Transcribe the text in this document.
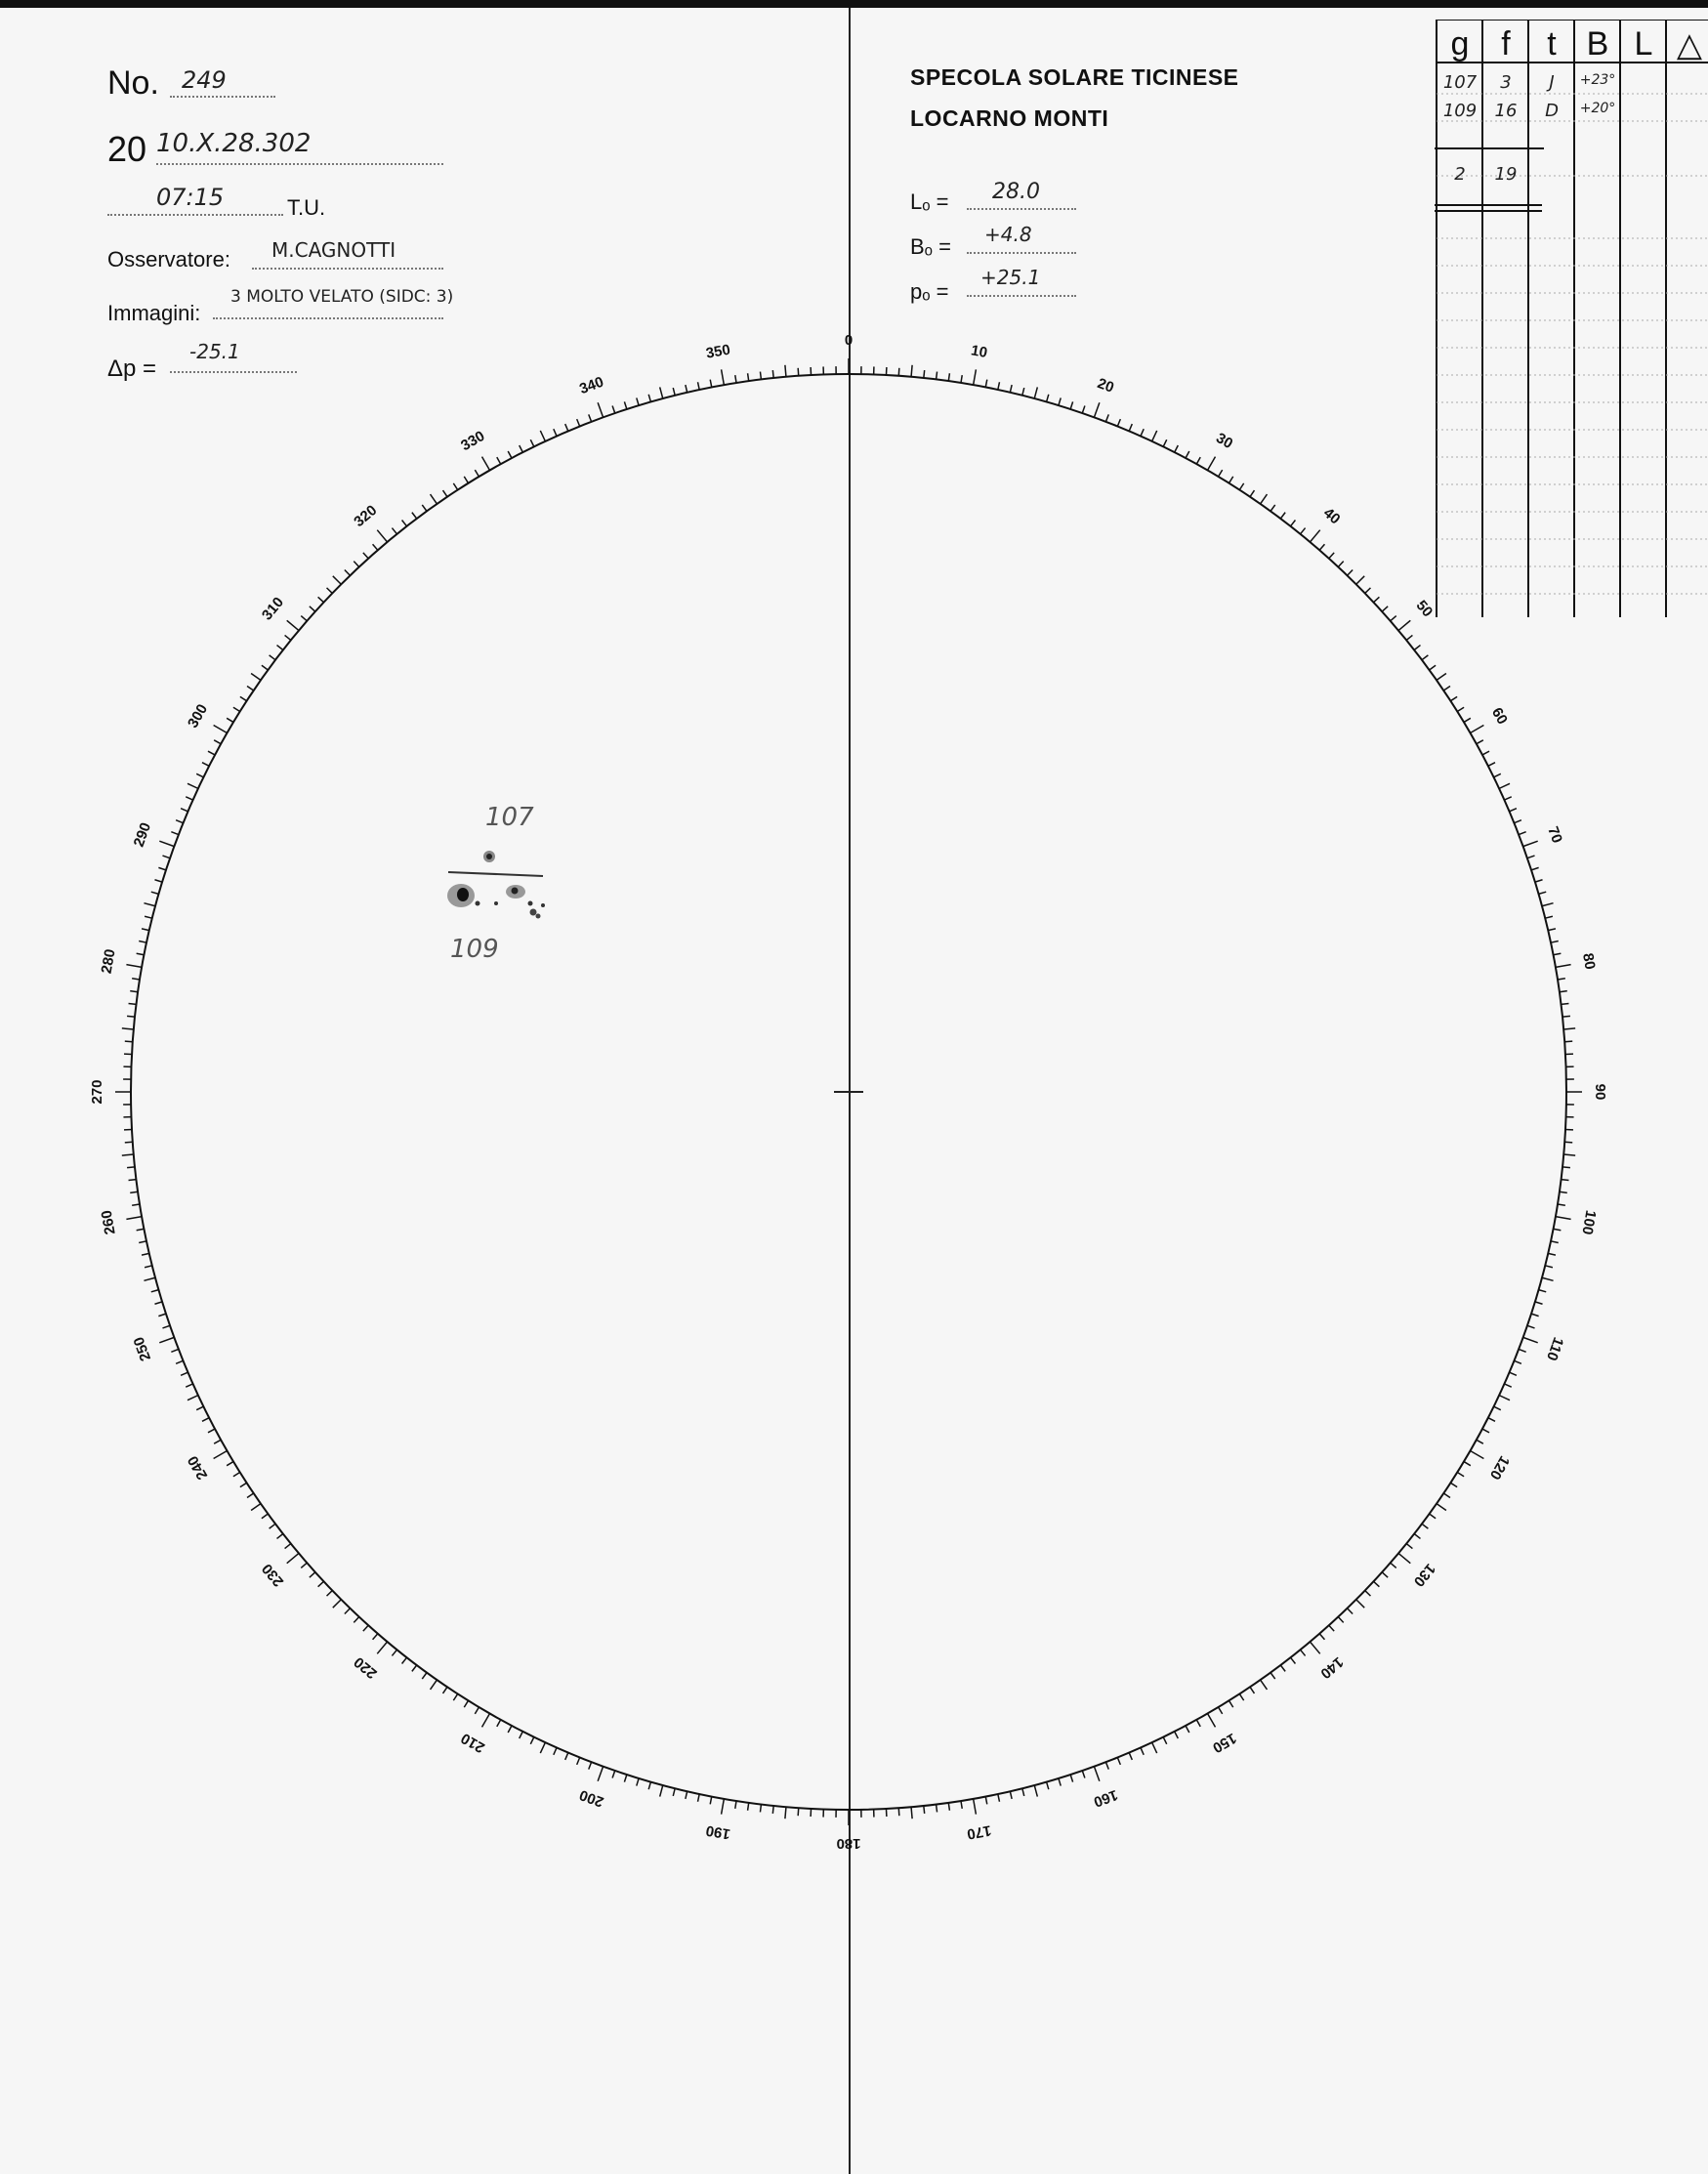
No. 249
20 10.X.28.302
07:15	T.U.
Osservatore: M.CAGNOTTI
Immagini:
3 MOLTO VELATO (SIDC: 3)
Δp =
-25.1
SPECOLA SOLARE TICINESE
LOCARNO MONTI
Lₒ = 28.0
Bₒ = +4.8
pₒ =
+25.1
g f	t B L △
107	3	J	+23°
109	16	D	+20°
2	19
0
10
20
30
40
50
60
70
80
90
100
110
120
130
140
150
160
170
180
190
200
210
220
230
240
250
260
270
280
290
300
310
320
330
340
350
107
109
